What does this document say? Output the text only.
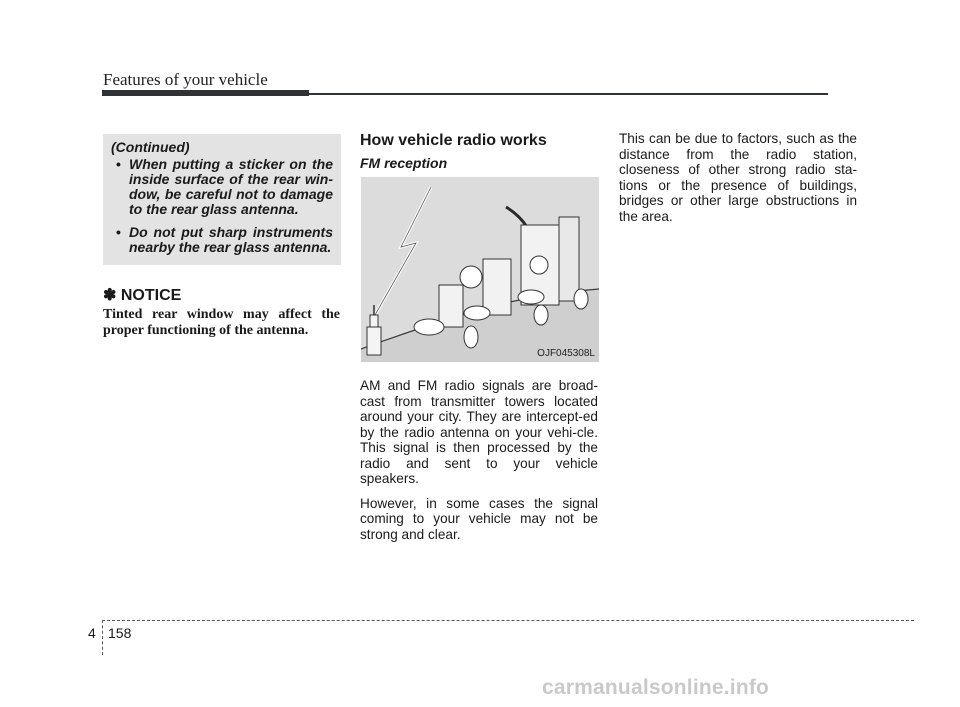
Features of your vehicle
(Continued)
• When putting a sticker on the inside surface of the rear win-dow, be careful not to damage to the rear glass antenna.
• Do not put sharp instruments nearby the rear glass antenna.
✽ NOTICE
Tinted rear window may affect the proper functioning of the antenna.
How vehicle radio works
FM reception
OJF045308L

AM and FM radio signals are broad-cast from transmitter towers located around your city. They are intercept-ed by the radio antenna on your vehi-cle. This signal is then processed by the radio and sent to your vehicle speakers.

However, in some cases the signal coming to your vehicle may not be strong and clear.

This can be due to factors, such as the distance from the radio station, closeness of other strong radio sta-tions or the presence of buildings, bridges or other large obstructions in the area.

4 158
carmanualsonline.info
